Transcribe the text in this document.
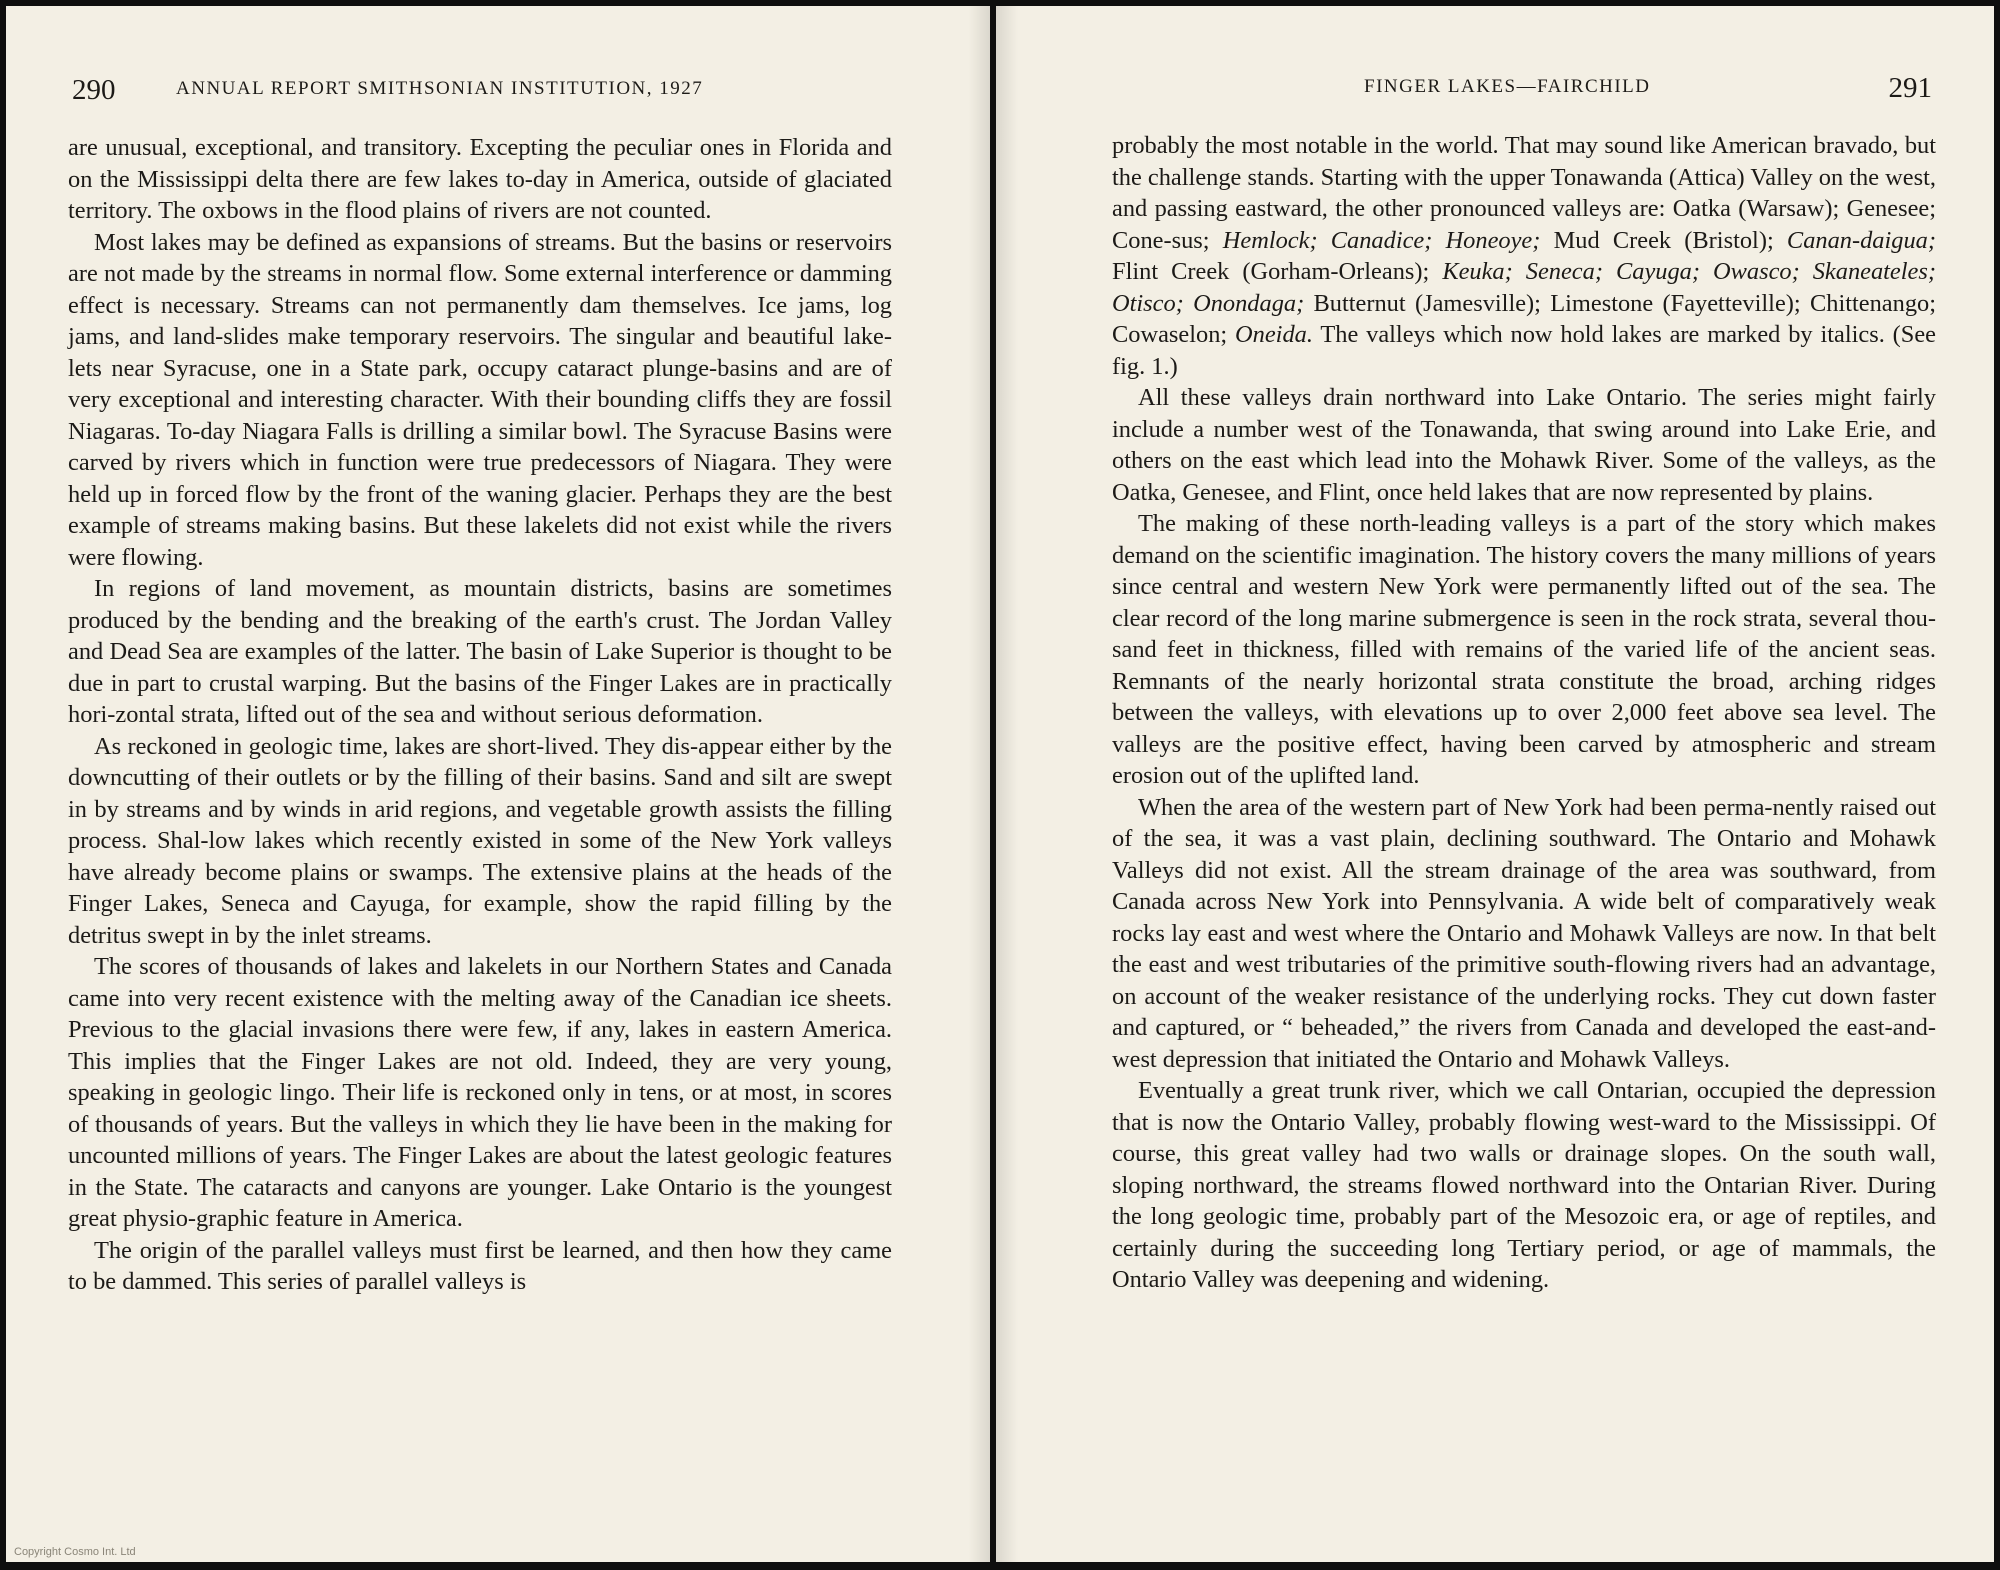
290	ANNUAL REPORT SMITHSONIAN INSTITUTION, 1927

are unusual, exceptional, and transitory. Excepting the peculiar ones in Florida and on the Mississippi delta there are few lakes to-day in America, outside of glaciated territory. The oxbows in the flood plains of rivers are not counted.

Most lakes may be defined as expansions of streams. But the basins or reservoirs are not made by the streams in normal flow. Some external interference or damming effect is necessary. Streams can not permanently dam themselves. Ice jams, log jams, and land-slides make temporary reservoirs. The singular and beautiful lake-lets near Syracuse, one in a State park, occupy cataract plunge-basins and are of very exceptional and interesting character. With their bounding cliffs they are fossil Niagaras. To-day Niagara Falls is drilling a similar bowl. The Syracuse Basins were carved by rivers which in function were true predecessors of Niagara. They were held up in forced flow by the front of the waning glacier. Perhaps they are the best example of streams making basins. But these lakelets did not exist while the rivers were flowing.

In regions of land movement, as mountain districts, basins are sometimes produced by the bending and the breaking of the earth's crust. The Jordan Valley and Dead Sea are examples of the latter. The basin of Lake Superior is thought to be due in part to crustal warping. But the basins of the Finger Lakes are in practically hori-zontal strata, lifted out of the sea and without serious deformation.

As reckoned in geologic time, lakes are short-lived. They dis-appear either by the downcutting of their outlets or by the filling of their basins. Sand and silt are swept in by streams and by winds in arid regions, and vegetable growth assists the filling process. Shal-low lakes which recently existed in some of the New York valleys have already become plains or swamps. The extensive plains at the heads of the Finger Lakes, Seneca and Cayuga, for example, show the rapid filling by the detritus swept in by the inlet streams.

The scores of thousands of lakes and lakelets in our Northern States and Canada came into very recent existence with the melting away of the Canadian ice sheets. Previous to the glacial invasions there were few, if any, lakes in eastern America. This implies that the Finger Lakes are not old. Indeed, they are very young, speaking in geologic lingo. Their life is reckoned only in tens, or at most, in scores of thousands of years. But the valleys in which they lie have been in the making for uncounted millions of years. The Finger Lakes are about the latest geologic features in the State. The cataracts and canyons are younger. Lake Ontario is the youngest great physio-graphic feature in America.

The origin of the parallel valleys must first be learned, and then how they came to be dammed. This series of parallel valleys is

Copyright Cosmo Int. Ltd
FINGER LAKES—FAIRCHILD	291

probably the most notable in the world. That may sound like American bravado, but the challenge stands. Starting with the upper Tonawanda (Attica) Valley on the west, and passing eastward, the other pronounced valleys are: Oatka (Warsaw); Genesee; Cone-sus; Hemlock; Canadice; Honeoye; Mud Creek (Bristol); Canan-daigua; Flint Creek (Gorham-Orleans); Keuka; Seneca; Cayuga; Owasco; Skaneateles; Otisco; Onondaga; Butternut (Jamesville); Limestone (Fayetteville); Chittenango; Cowaselon; Oneida. The valleys which now hold lakes are marked by italics. (See fig. 1.)

All these valleys drain northward into Lake Ontario. The series might fairly include a number west of the Tonawanda, that swing around into Lake Erie, and others on the east which lead into the Mohawk River. Some of the valleys, as the Oatka, Genesee, and Flint, once held lakes that are now represented by plains.

The making of these north-leading valleys is a part of the story which makes demand on the scientific imagination. The history covers the many millions of years since central and western New York were permanently lifted out of the sea. The clear record of the long marine submergence is seen in the rock strata, several thou-sand feet in thickness, filled with remains of the varied life of the ancient seas. Remnants of the nearly horizontal strata constitute the broad, arching ridges between the valleys, with elevations up to over 2,000 feet above sea level. The valleys are the positive effect, having been carved by atmospheric and stream erosion out of the uplifted land.

When the area of the western part of New York had been perma-nently raised out of the sea, it was a vast plain, declining southward. The Ontario and Mohawk Valleys did not exist. All the stream drainage of the area was southward, from Canada across New York into Pennsylvania. A wide belt of comparatively weak rocks lay east and west where the Ontario and Mohawk Valleys are now. In that belt the east and west tributaries of the primitive south-flowing rivers had an advantage, on account of the weaker resistance of the underlying rocks. They cut down faster and captured, or “ beheaded,” the rivers from Canada and developed the east-and-west depression that initiated the Ontario and Mohawk Valleys.

Eventually a great trunk river, which we call Ontarian, occupied the depression that is now the Ontario Valley, probably flowing west-ward to the Mississippi. Of course, this great valley had two walls or drainage slopes. On the south wall, sloping northward, the streams flowed northward into the Ontarian River. During the long geologic time, probably part of the Mesozoic era, or age of reptiles, and certainly during the succeeding long Tertiary period, or age of mammals, the Ontario Valley was deepening and widening.
